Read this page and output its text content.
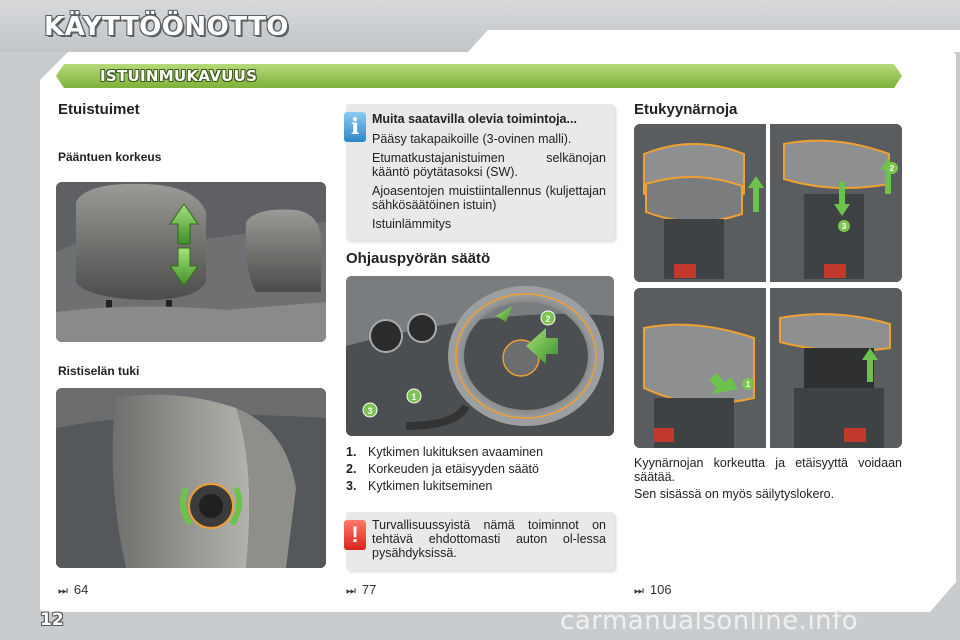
KÄYTTÖÖNOTTO
ISTUINMUKAVUUS
Etuistuimet
Pääntuen korkeus
Ristiselän tuki
⏭ 64
Muita saatavilla olevia toimintoja...

Pääsy takapaikoille (3-ovinen malli).

Etumatkustajanistuimen selkänojan kääntö pöytätasoksi (SW).

Ajoasentojen muistiintallennus (kuljettajan sähkösäätöinen istuin)

Istuinlämmitys

i
Ohjauspyörän säätö
1
2
3
1. Kytkimen lukituksen avaaminen
2. Korkeuden ja etäisyyden säätö
3. Kytkimen lukitseminen
Turvallisuussyistä nämä toiminnot on tehtävä ehdottomasti auton ol-lessa pysähdyksissä.
!
⏭ 77
Etukyynärnoja
3
2
1
Kyynärnojan korkeutta ja etäisyyttä voidaan säätää.
Sen sisässä on myös säilytyslokero.
⏭ 106
12	carmanualsonline.info
